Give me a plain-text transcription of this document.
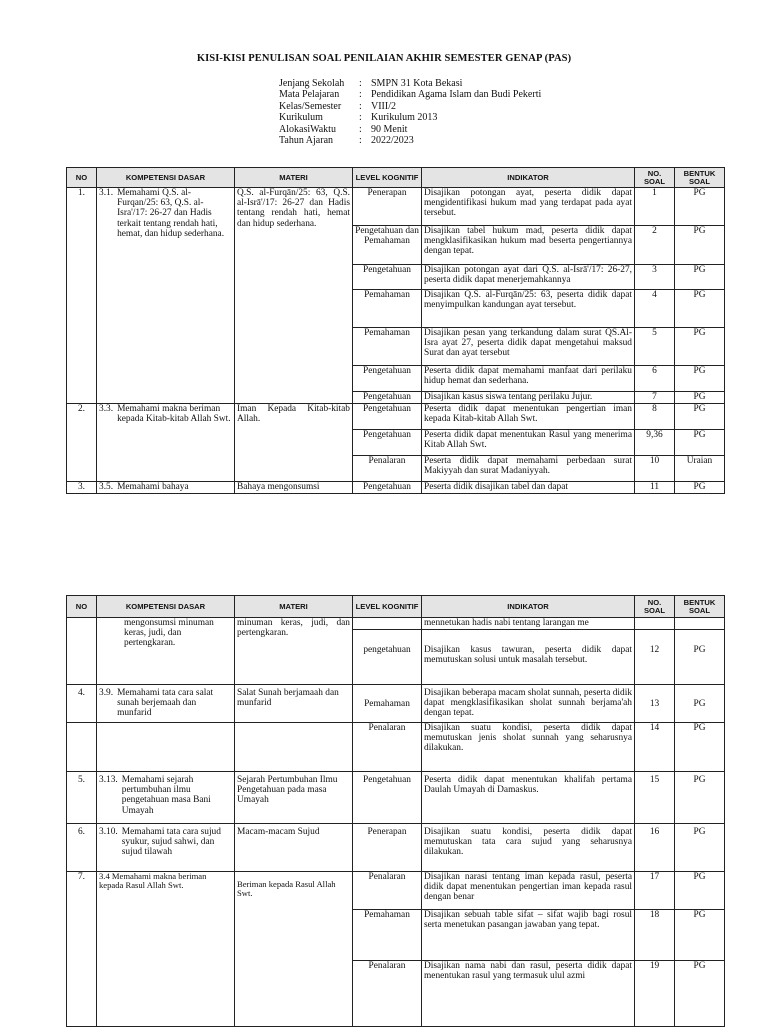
KISI-KISI PENULISAN SOAL PENILAIAN AKHIR SEMESTER GENAP (PAS)
Jenjang Sekolah	: SMPN 31 Kota Bekasi
Mata Pelajaran	: Pendidikan Agama Islam dan Budi Pekerti
Kelas/Semester	: VIII/2
Kurikulum	: Kurikulum 2013
AlokasiWaktu	: 90 Menit
Tahun Ajaran	: 2022/2023
NO	KOMPETENSI DASAR	MATERI	LEVEL KOGNITIF	INDIKATOR	NO. SOAL	BENTUK SOAL
1.	3.1. Memahami Q.S. al-Furqan/25: 63, Q.S. al-Isra'/17: 26-27 dan Hadis terkait tentang rendah hati, hemat, dan hidup sederhana.	Q.S. al-Furqān/25: 63, Q.S. al-Isrā'/17: 26-27 dan Hadis tentang rendah hati, hemat dan hidup sederhana.	Penerapan	Disajikan potongan ayat, peserta didik dapat mengidentifikasi hukum mad yang terdapat pada ayat tersebut.	1	PG
			Pengetahuan dan Pemahaman	Disajikan tabel hukum mad, peserta didik dapat mengklasifikasikan hukum mad beserta pengertiannya dengan tepat.	2	PG
			Pengetahuan	Disajikan potongan ayat dari Q.S. al-Isrā'/17: 26-27, peserta didik dapat menerjemahkannya	3	PG
			Pemahaman	Disajikan Q.S. al-Furqān/25: 63, peserta didik dapat menyimpulkan kandungan ayat tersebut.	4	PG
			Pemahaman	Disajikan pesan yang terkandung dalam surat QS.Al-Isra ayat 27, peserta didik dapat mengetahui maksud Surat dan ayat tersebut	5	PG
			Pengetahuan	Peserta didik dapat memahami manfaat dari perilaku hidup hemat dan sederhana.	6	PG
			Pengetahuan	Disajikan kasus siswa tentang perilaku Jujur.	7	PG
2.	3.3. Memahami makna beriman kepada Kitab-kitab Allah Swt.	Iman Kepada Kitab-kitab Allah.	Pengetahuan	Peserta didik dapat menentukan pengertian iman kepada Kitab-kitab Allah Swt.	8	PG
			Pengetahuan	Peserta didik dapat menentukan Rasul yang menerima Kitab Allah Swt.	9,36	PG
			Penalaran	Peserta didik dapat memahami perbedaan surat Makiyyah dan surat Madaniyyah.	10	Uraian
3.	3.5. Memahami bahaya	Bahaya mengonsumsi	Pengetahuan	Peserta didik disajikan tabel dan dapat	11	PG
NO	KOMPETENSI DASAR	MATERI	LEVEL KOGNITIF	INDIKATOR	NO. SOAL	BENTUK SOAL
	mengonsumsi minuman keras, judi, dan pertengkaran.	minuman keras, judi, dan pertengkaran.		mennetukan hadis nabi tentang larangan me		
			pengetahuan	Disajikan kasus tawuran, peserta didik dapat memutuskan solusi untuk masalah tersebut.	12	PG
4.	3.9. Memahami tata cara salat sunah berjemaah dan munfarid	Salat Sunah berjamaah dan munfarid	Pemahaman	Disajikan beberapa macam sholat sunnah, peserta didik dapat mengklasifikasikan sholat sunnah berjama'ah dengan tepat.	13	PG
			Penalaran	Disajikan suatu kondisi, peserta didik dapat memutuskan jenis sholat sunnah yang seharusnya dilakukan.	14	PG
5.	3.13. Memahami sejarah pertumbuhan ilmu pengetahuan masa Bani Umayah	Sejarah Pertumbuhan Ilmu Pengetahuan pada masa Umayah	Pengetahuan	Peserta didik dapat menentukan khalifah pertama Daulah Umayah di Damaskus.	15	PG
6.	3.10. Memahami tata cara sujud syukur, sujud sahwi, dan sujud tilawah	Macam-macam Sujud	Penerapan	Disajikan suatu kondisi, peserta didik dapat memutuskan tata cara sujud yang seharusnya dilakukan.	16	PG
7.	3.4 Memahami makna beriman kepada Rasul Allah Swt.	Beriman kepada Rasul Allah Swt.	Penalaran	Disajikan narasi tentang iman kepada rasul, peserta didik dapat menentukan pengertian iman kepada rasul dengan benar	17	PG
			Pemahaman	Disajikan sebuah table sifat – sifat wajib bagi rosul serta menetukan pasangan jawaban yang tepat.	18	PG
			Penalaran	Disajikan nama nabi dan rasul, peserta didik dapat menentukan rasul yang termasuk ulul azmi	19	PG
